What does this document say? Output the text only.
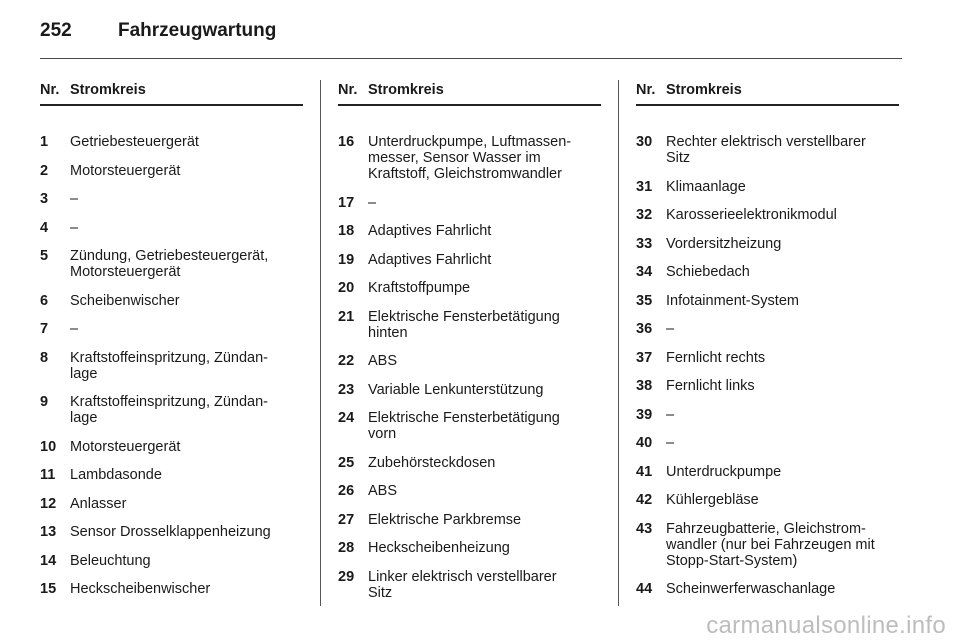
252 Fahrzeugwartung
Nr. Stromkreis
1	Getriebesteuergerät
2	Motorsteuergerät
3	–
4	–
5	Zündung, Getriebesteuergerät,
Motorsteuergerät
6	Scheibenwischer
7	–
8	Kraftstoffeinspritzung, Zündan-
lage
9	Kraftstoffeinspritzung, Zündan-
lage
10 Motorsteuergerät
11	Lambdasonde
12 Anlasser
13 Sensor Drosselklappenheizung
14 Beleuchtung
15 Heckscheibenwischer
Nr. Stromkreis
16 Unterdruckpumpe, Luftmassen-
messer, Sensor Wasser im
Kraftstoff, Gleichstromwandler
17 –
18 Adaptives Fahrlicht
19 Adaptives Fahrlicht
20 Kraftstoffpumpe
21 Elektrische Fensterbetätigung
hinten
22 ABS
23 Variable Lenkunterstützung
24 Elektrische Fensterbetätigung
vorn
25 Zubehörsteckdosen
26 ABS
27 Elektrische Parkbremse
28 Heckscheibenheizung
29 Linker elektrisch verstellbarer
Sitz
Nr. Stromkreis
30 Rechter elektrisch verstellbarer
Sitz
31 Klimaanlage
32 Karosserieelektronikmodul
33 Vordersitzheizung
34 Schiebedach
35 Infotainment-System
36 –
37 Fernlicht rechts
38 Fernlicht links
39 –
40 –
41 Unterdruckpumpe
42 Kühlergebläse
43 Fahrzeugbatterie, Gleichstrom-
wandler (nur bei Fahrzeugen mit
Stopp-Start-System)
44 Scheinwerferwaschanlage
carmanualsonline.info
